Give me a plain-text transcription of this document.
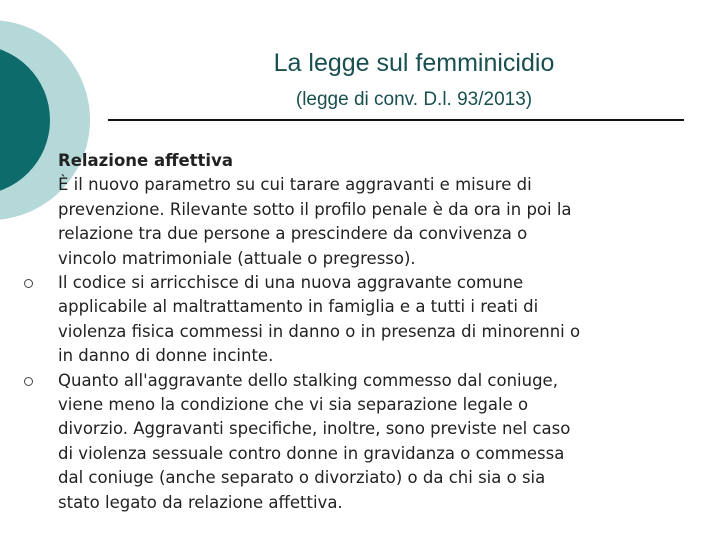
La legge sul femminicidio
(legge di conv. D.l. 93/2013)
Relazione affettiva
È il nuovo parametro su cui tarare aggravanti e misure di
prevenzione. Rilevante sotto il profilo penale è da ora in poi la
relazione tra due persone a prescindere da convivenza o
vincolo matrimoniale (attuale o pregresso).
Il codice si arricchisce di una nuova aggravante comune
applicabile al maltrattamento in famiglia e a tutti i reati di
violenza fisica commessi in danno o in presenza di minorenni o
in danno di donne incinte.
Quanto all'aggravante dello stalking commesso dal coniuge,
viene meno la condizione che vi sia separazione legale o
divorzio. Aggravanti specifiche, inoltre, sono previste nel caso
di violenza sessuale contro donne in gravidanza o commessa
dal coniuge (anche separato o divorziato) o da chi sia o sia
stato legato da relazione affettiva.
